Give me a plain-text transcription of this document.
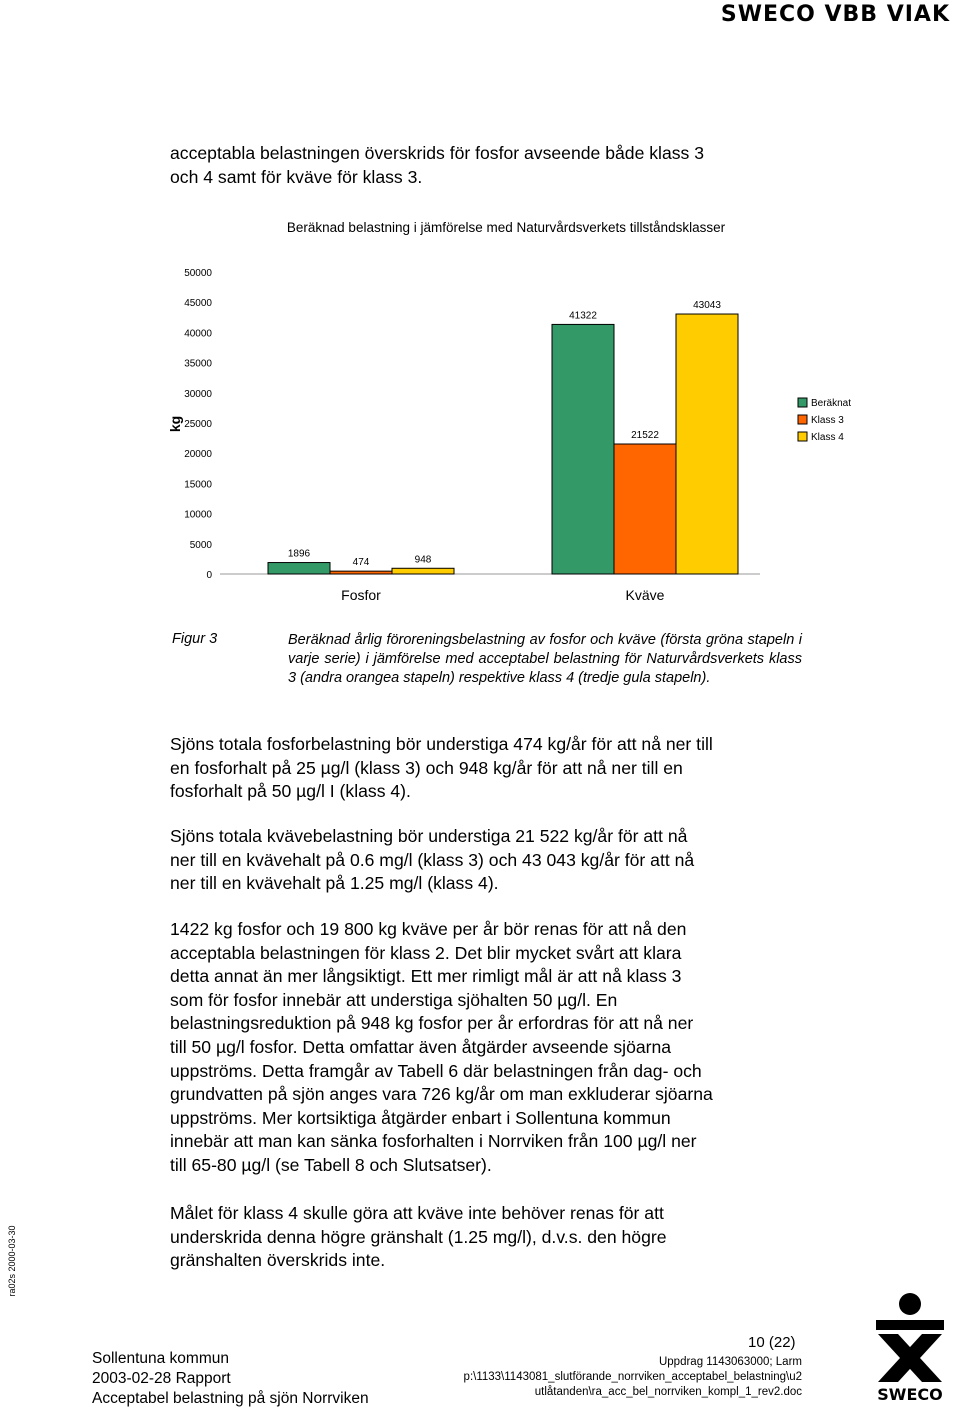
SWECO VBB VIAK
acceptabla belastningen överskrids för fosfor avseende både klass 3
och 4 samt för kväve för klass 3.
Beräknad belastning i jämförelse med Naturvårdsverkets tillståndsklasser
kg
0
5000
10000
15000
20000
25000
30000
35000
40000
45000
50000
1896
474	948
41322
21522
43043
Fosfor	Kväve
Beräknat
Klass 3
Klass 4
Figur 3	Beräknad årlig föroreningsbelastning av fosfor och kväve (första gröna stapeln i varje serie) i jämförelse med acceptabel belastning för Naturvårdsverkets klass 3 (andra orangea stapeln) respektive klass 4 (tredje gula stapeln).
Sjöns totala fosforbelastning bör understiga 474 kg/år för att nå ner till
en fosforhalt på 25 µg/l (klass 3) och 948 kg/år för att nå ner till en
fosforhalt på 50 µg/l I (klass 4).
Sjöns totala kvävebelastning bör understiga 21 522 kg/år för att nå
ner till en kvävehalt på 0.6 mg/l (klass 3) och 43 043 kg/år för att nå
ner till en kvävehalt på 1.25 mg/l (klass 4).
1422 kg fosfor och 19 800 kg kväve per år bör renas för att nå den
acceptabla belastningen för klass 2. Det blir mycket svårt att klara
detta annat än mer långsiktigt. Ett mer rimligt mål är att nå klass 3
som för fosfor innebär att understiga sjöhalten 50 µg/l. En
belastningsreduktion på 948 kg fosfor per år erfordras för att nå ner
till 50 µg/l fosfor. Detta omfattar även åtgärder avseende sjöarna
uppströms. Detta framgår av Tabell 6 där belastningen från dag- och
grundvatten på sjön anges vara 726 kg/år om man exkluderar sjöarna
uppströms. Mer kortsiktiga åtgärder enbart i Sollentuna kommun
innebär att man kan sänka fosforhalten i Norrviken från 100 µg/l ner
till 65-80 µg/l (se Tabell 8 och Slutsatser).
Målet för klass 4 skulle göra att kväve inte behöver renas för att
underskrida denna högre gränshalt (1.25 mg/l), d.v.s. den högre
gränshalten överskrids inte.
ra02s 2000-03-30
Sollentuna kommun
2003-02-28 Rapport
Acceptabel belastning på sjön Norrviken
10 (22)
Uppdrag 1143063000; Larm
p:\1133\1143081_slutförande_norrviken_acceptabel_belastning\u2
utlåtanden\ra_acc_bel_norrviken_kompl_1_rev2.doc	SWECO
